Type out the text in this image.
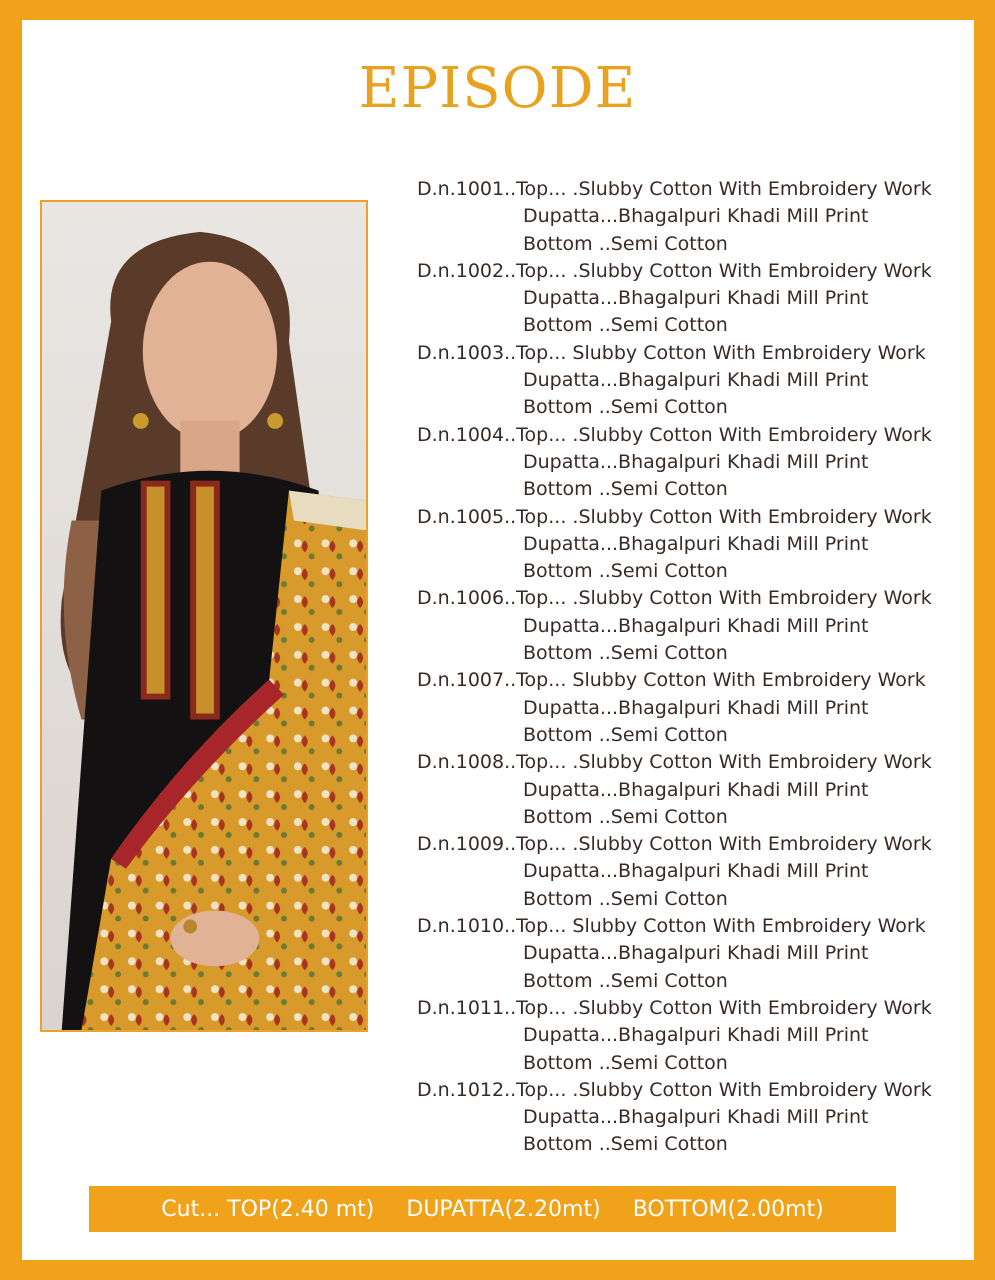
EPISODE
D.n.1001..Top... .Slubby Cotton With Embroidery Work
Dupatta...Bhagalpuri Khadi Mill Print
Bottom ..Semi Cotton
D.n.1002..Top... .Slubby Cotton With Embroidery Work
Dupatta...Bhagalpuri Khadi Mill Print
Bottom ..Semi Cotton
D.n.1003..Top... Slubby Cotton With Embroidery Work
Dupatta...Bhagalpuri Khadi Mill Print
Bottom ..Semi Cotton
D.n.1004..Top... .Slubby Cotton With Embroidery Work
Dupatta...Bhagalpuri Khadi Mill Print
Bottom ..Semi Cotton
D.n.1005..Top... .Slubby Cotton With Embroidery Work
Dupatta...Bhagalpuri Khadi Mill Print
Bottom ..Semi Cotton
D.n.1006..Top... .Slubby Cotton With Embroidery Work
Dupatta...Bhagalpuri Khadi Mill Print
Bottom ..Semi Cotton
D.n.1007..Top... Slubby Cotton With Embroidery Work
Dupatta...Bhagalpuri Khadi Mill Print
Bottom ..Semi Cotton
D.n.1008..Top... .Slubby Cotton With Embroidery Work
Dupatta...Bhagalpuri Khadi Mill Print
Bottom ..Semi Cotton
D.n.1009..Top... .Slubby Cotton With Embroidery Work
Dupatta...Bhagalpuri Khadi Mill Print
Bottom ..Semi Cotton
D.n.1010..Top... Slubby Cotton With Embroidery Work
Dupatta...Bhagalpuri Khadi Mill Print
Bottom ..Semi Cotton
D.n.1011..Top... .Slubby Cotton With Embroidery Work
Dupatta...Bhagalpuri Khadi Mill Print
Bottom ..Semi Cotton
D.n.1012..Top... .Slubby Cotton With Embroidery Work
Dupatta...Bhagalpuri Khadi Mill Print
Bottom ..Semi Cotton
Cut... TOP(2.40 mt) DUPATTA(2.20mt) BOTTOM(2.00mt)
